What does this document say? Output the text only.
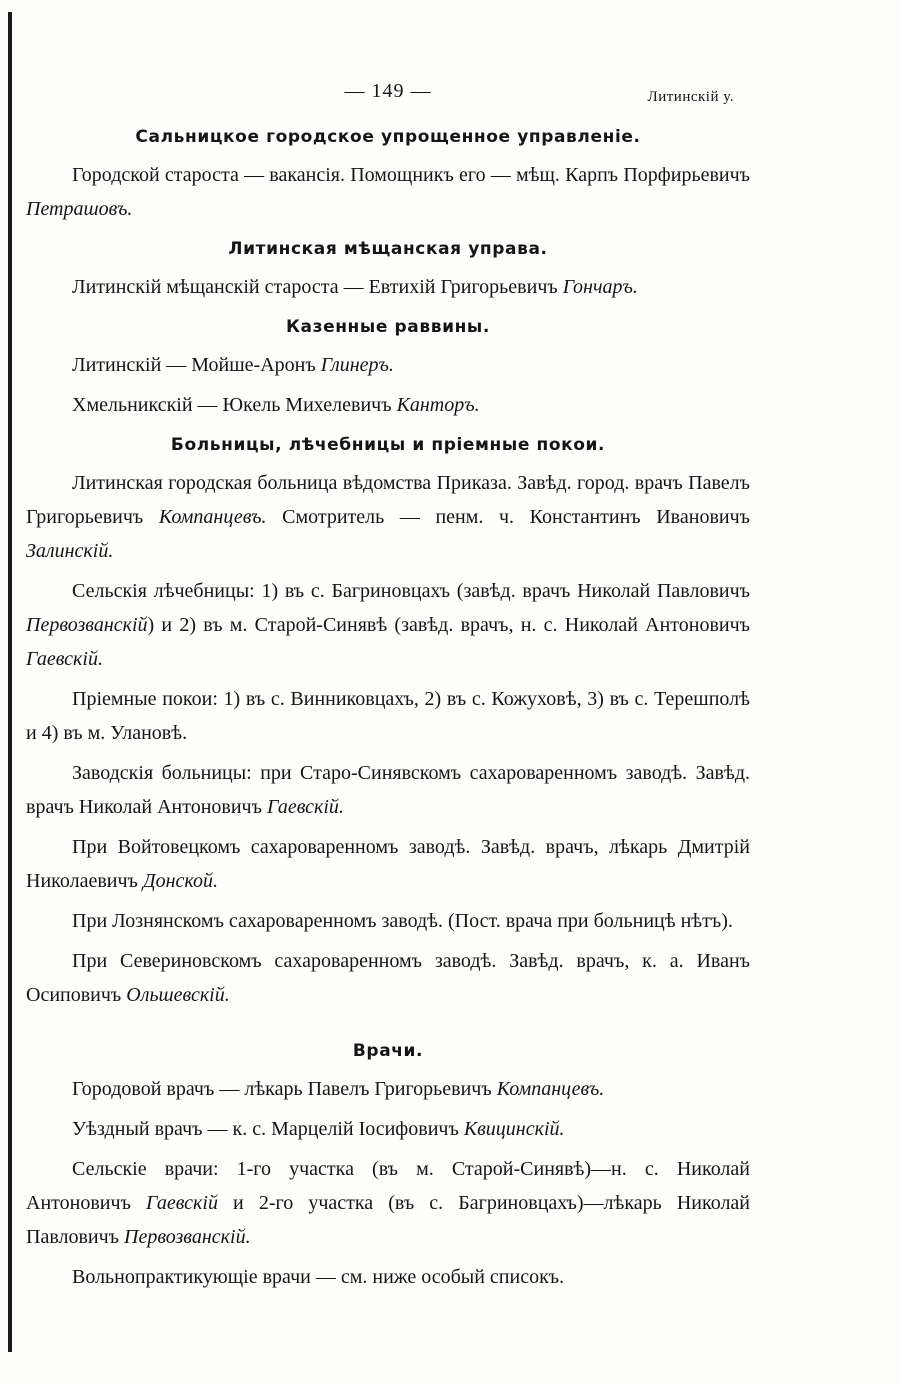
— 149 —	Литинскiй у.
Сальницкое городское упрощенное управленiе.

Городской староста — вакансiя. Помощникъ его — мѣщ. Карпъ Порфирьевичъ Петрашовъ.

Литинская мѣщанская управа.

Литинскiй мѣщанскiй староста — Евтихiй Григорьевичъ Гончаръ.

Казенные раввины.

Литинскiй — Мойше-Аронъ Глинеръ.

Хмельникскiй — Юкель Михелевичъ Канторъ.

Больницы, лѣчебницы и прiемные покои.

Литинская городская больница вѣдомства Приказа. Завѣд. город. врачъ Павелъ Григорьевичъ Компанцевъ. Смотритель — пенм. ч. Константинъ Ивановичъ Залинскiй.

Сельскiя лѣчебницы: 1) въ с. Багриновцахъ (завѣд. врачъ Николай Павловичъ Первозванскiй) и 2) въ м. Старой-Синявѣ (завѣд. врачъ, н. с. Николай Антоновичъ Гаевскiй.

Прiемные покои: 1) въ с. Винниковцахъ, 2) въ с. Кожуховѣ, 3) въ с. Терешполѣ и 4) въ м. Улановѣ.

Заводскiя больницы: при Старо-Синявскомъ сахароваренномъ заводѣ. Завѣд. врачъ Николай Антоновичъ Гаевскiй.

При Войтовецкомъ сахароваренномъ заводѣ. Завѣд. врачъ, лѣкарь Дмитрiй Николаевичъ Донской.

При Лознянскомъ сахароваренномъ заводѣ. (Пост. врача при больницѣ нѣтъ).

При Севериновскомъ сахароваренномъ заводѣ. Завѣд. врачъ, к. а. Иванъ Осиповичъ Ольшевскiй.

Врачи.

Городовой врачъ — лѣкарь Павелъ Григорьевичъ Компанцевъ.

Уѣздный врачъ — к. с. Марцелiй Iосифовичъ Квицинскiй.

Сельскiе врачи: 1-го участка (въ м. Старой-Синявѣ)—н. с. Николай Антоновичъ Гаевскiй и 2-го участка (въ с. Багриновцахъ)—лѣкарь Николай Павловичъ Первозванскiй.

Вольнопрактикующiе врачи — см. ниже особый списокъ.
